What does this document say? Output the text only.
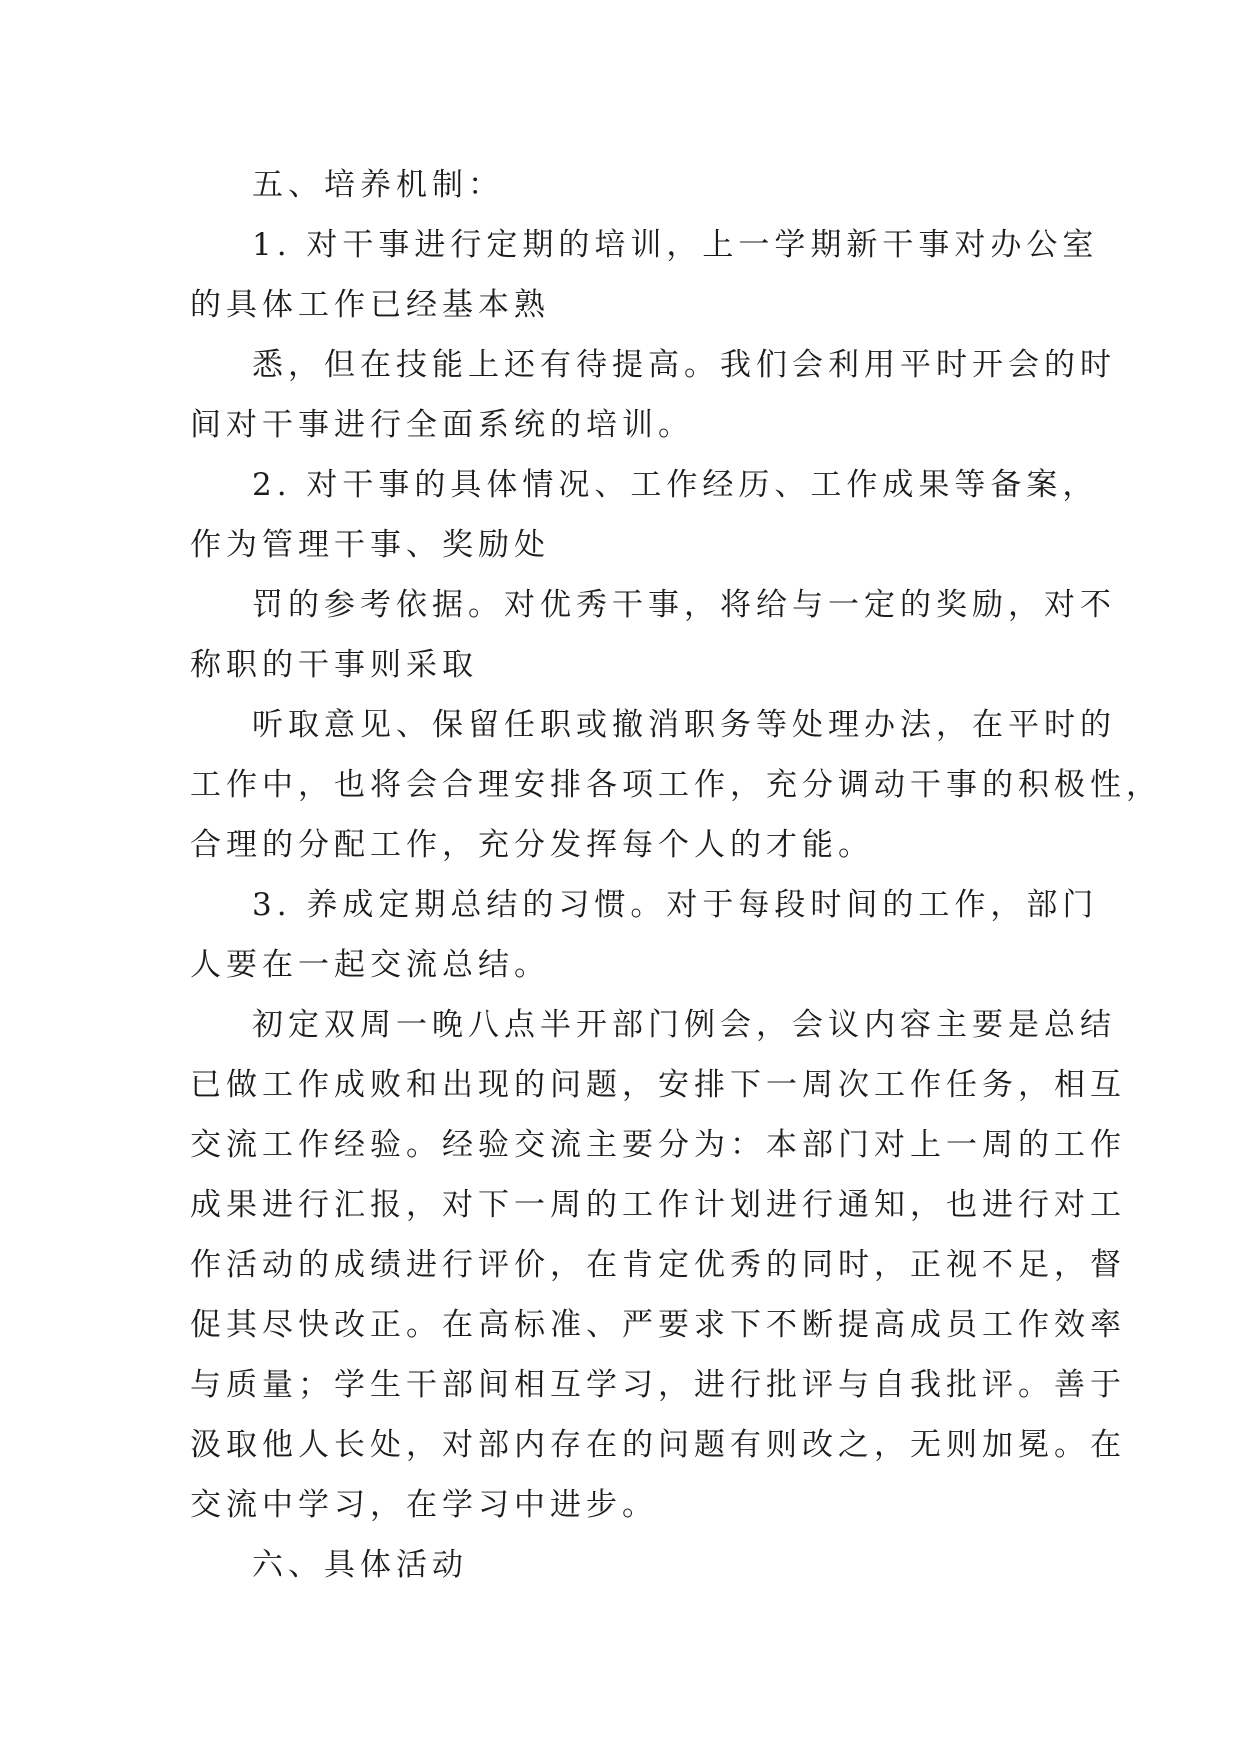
五、培养机制：

1. 对干事进行定期的培训，上一学期新干事对办公室
的具体工作已经基本熟

悉，但在技能上还有待提高。我们会利用平时开会的时
间对干事进行全面系统的培训。

2. 对干事的具体情况、工作经历、工作成果等备案，
作为管理干事、奖励处

罚的参考依据。对优秀干事，将给与一定的奖励，对不
称职的干事则采取

听取意见、保留任职或撤消职务等处理办法，在平时的
工作中，也将会合理安排各项工作，充分调动干事的积极性，
合理的分配工作，充分发挥每个人的才能。

3. 养成定期总结的习惯。对于每段时间的工作，部门
人要在一起交流总结。

初定双周一晚八点半开部门例会，会议内容主要是总结
已做工作成败和出现的问题，安排下一周次工作任务，相互
交流工作经验。经验交流主要分为：本部门对上一周的工作
成果进行汇报，对下一周的工作计划进行通知，也进行对工
作活动的成绩进行评价，在肯定优秀的同时，正视不足，督
促其尽快改正。在高标准、严要求下不断提高成员工作效率
与质量；学生干部间相互学习，进行批评与自我批评。善于
汲取他人长处，对部内存在的问题有则改之，无则加冕。在
交流中学习，在学习中进步。

六、具体活动
